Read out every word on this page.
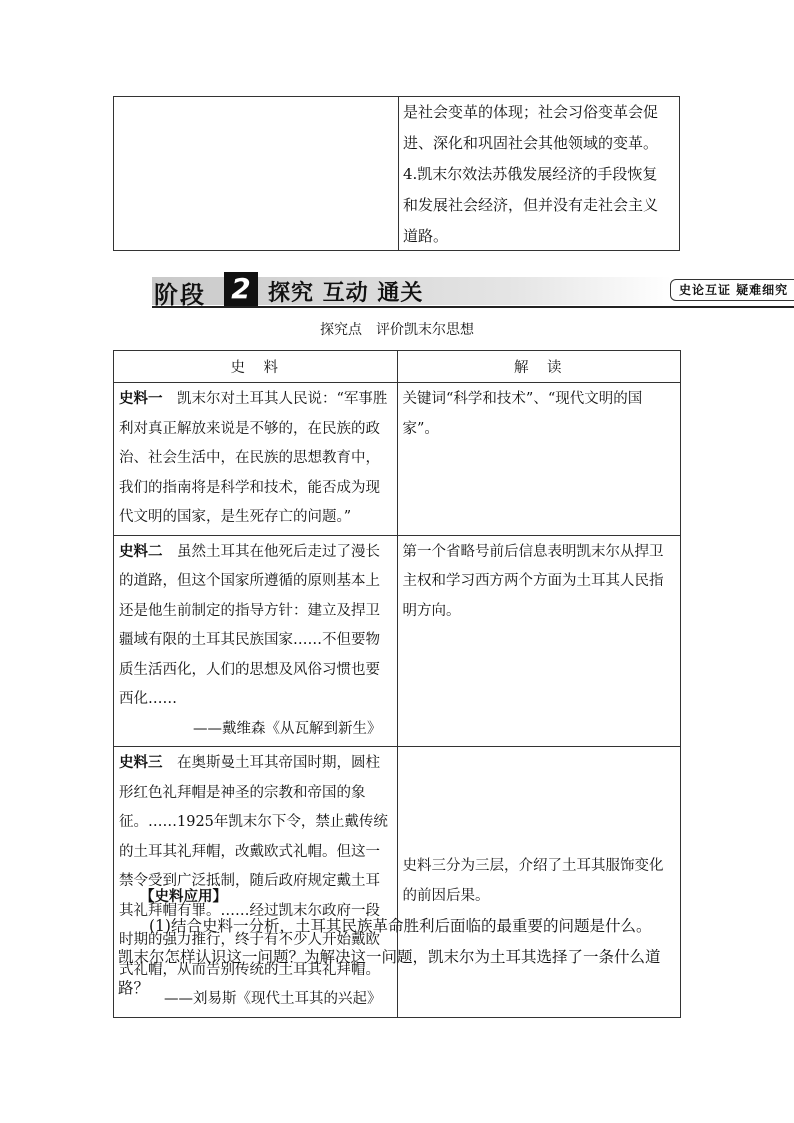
是社会变革的体现；社会习俗变革会促
进、深化和巩固社会其他领域的变革。
4.凯末尔效法苏俄发展经济的手段恢复
和发展社会经济，但并没有走社会主义
道路。
阶段 2 探究 互动 通关	史论互证 疑难细究
探究点　评价凯末尔思想
史　料	解　读
史料一　凯末尔对土耳其人民说：“军事胜利对真正解放来说是不够的，在民族的政治、社会生活中，在民族的思想教育中，我们的指南将是科学和技术，能否成为现代文明的国家，是生死存亡的问题。”	关键词“科学和技术”、“现代文明的国家”。
史料二　虽然土耳其在他死后走过了漫长的道路，但这个国家所遵循的原则基本上还是他生前制定的指导方针：建立及捍卫疆域有限的土耳其民族国家……不但要物质生活西化，人们的思想及风俗习惯也要西化……
——戴维森《从瓦解到新生》	第一个省略号前后信息表明凯末尔从捍卫主权和学习西方两个方面为土耳其人民指明方向。
史料三　在奥斯曼土耳其帝国时期，圆柱形红色礼拜帽是神圣的宗教和帝国的象征。……1925年凯末尔下令，禁止戴传统的土耳其礼拜帽，改戴欧式礼帽。但这一禁令受到广泛抵制，随后政府规定戴土耳其礼拜帽有罪。……经过凯末尔政府一段时期的强力推行，终于有不少人开始戴欧式礼帽，从而告别传统的土耳其礼拜帽。
——刘易斯《现代土耳其的兴起》	史料三分为三层，介绍了土耳其服饰变化的前因后果。
【史料应用】
　　(1)结合史料一分析，土耳其民族革命胜利后面临的最重要的问题是什么。
凯末尔怎样认识这一问题？为解决这一问题，凯末尔为土耳其选择了一条什么道
路？
